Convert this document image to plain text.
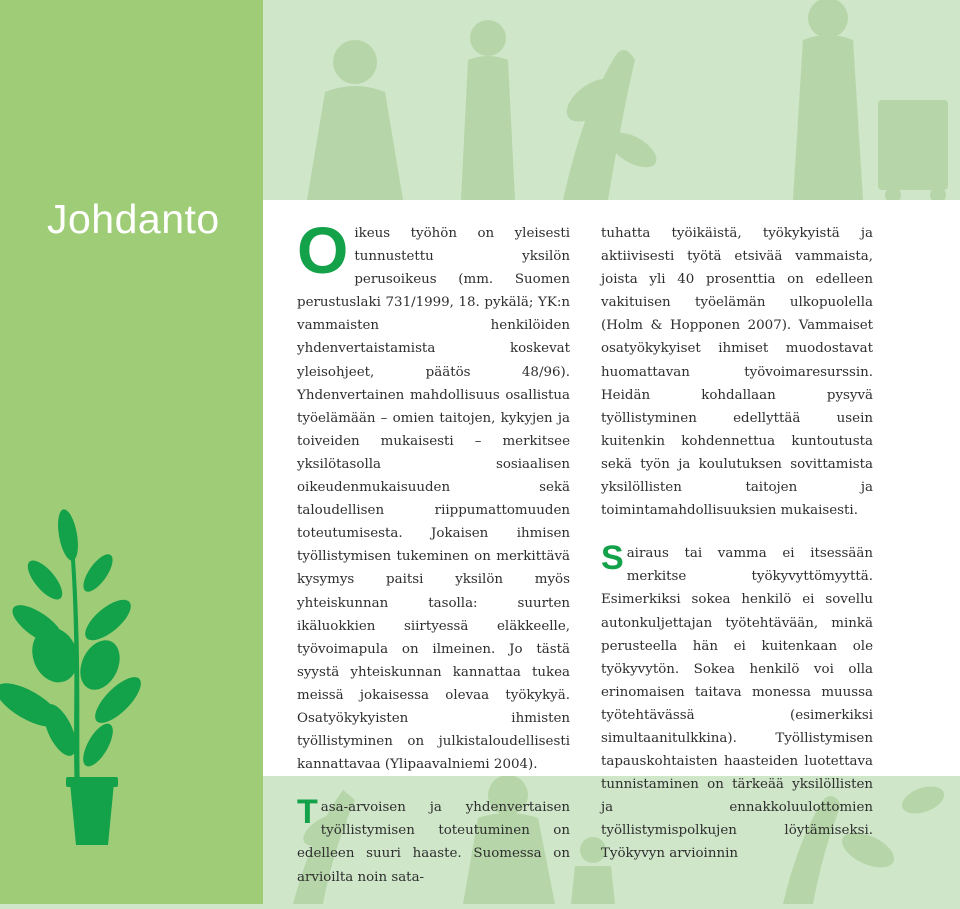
Johdanto O ikeus työhön on yleisesti tunnustettu yksilön perusoikeus (mm. Suomen perustuslaki 731/1999, 18. pykälä; YK:n vammaisten henkilöiden yhdenvertaistamista koskevat yleisohjeet, päätös 48/96). Yhdenvertainen mahdollisuus osallistua työelämään – omien taitojen, kykyjen ja toiveiden mukaisesti – merkitsee yksilötasolla sosiaalisen oikeudenmukaisuuden sekä taloudellisen riippumattomuuden toteutumisesta. Jokaisen ihmisen työllistymisen tukeminen on merkittävä kysymys paitsi yksilön myös yhteiskunnan tasolla: suurten ikäluokkien siirtyessä eläkkeelle, työvoimapula on ilmeinen. Jo tästä syystä yhteiskunnan kannattaa tukea meissä jokaisessa olevaa työkykyä. Osatyökykyisten ihmisten työllistyminen on julkistaloudellisesti kannattavaa (Ylipaavalniemi 2004).

T asa-arvoisen ja yhdenvertaisen työllistymisen toteutuminen on edelleen suuri haaste. Suomessa on arvioilta noin sata-

tuhatta työikäistä, työkykyistä ja aktiivisesti työtä etsivää vammaista, joista yli 40 prosenttia on edelleen vakituisen työelämän ulkopuolella (Holm & Hopponen 2007). Vammaiset osatyökykyiset ihmiset muodostavat huomattavan työvoimaresurssin. Heidän kohdallaan pysyvä työllistyminen edellyttää usein kuitenkin kohdennettua kuntoutusta sekä työn ja koulutuksen sovittamista yksilöllisten taitojen ja toimintamahdollisuuksien mukaisesti.

S airaus tai vamma ei itsessään merkitse työkyvyttömyyttä. Esimerkiksi sokea henkilö ei sovellu autonkuljettajan työtehtävään, minkä perusteella hän ei kuitenkaan ole työkyvytön. Sokea henkilö voi olla erinomaisen taitava monessa muussa työtehtävässä (esimerkiksi simultaanitulkkina). Työllistymisen tapauskohtaisten haasteiden luotettava tunnistaminen on tärkeää yksilöllisten ja ennakkoluulottomien työllistymispolkujen löytämiseksi. Työkyvyn arvioinnin
